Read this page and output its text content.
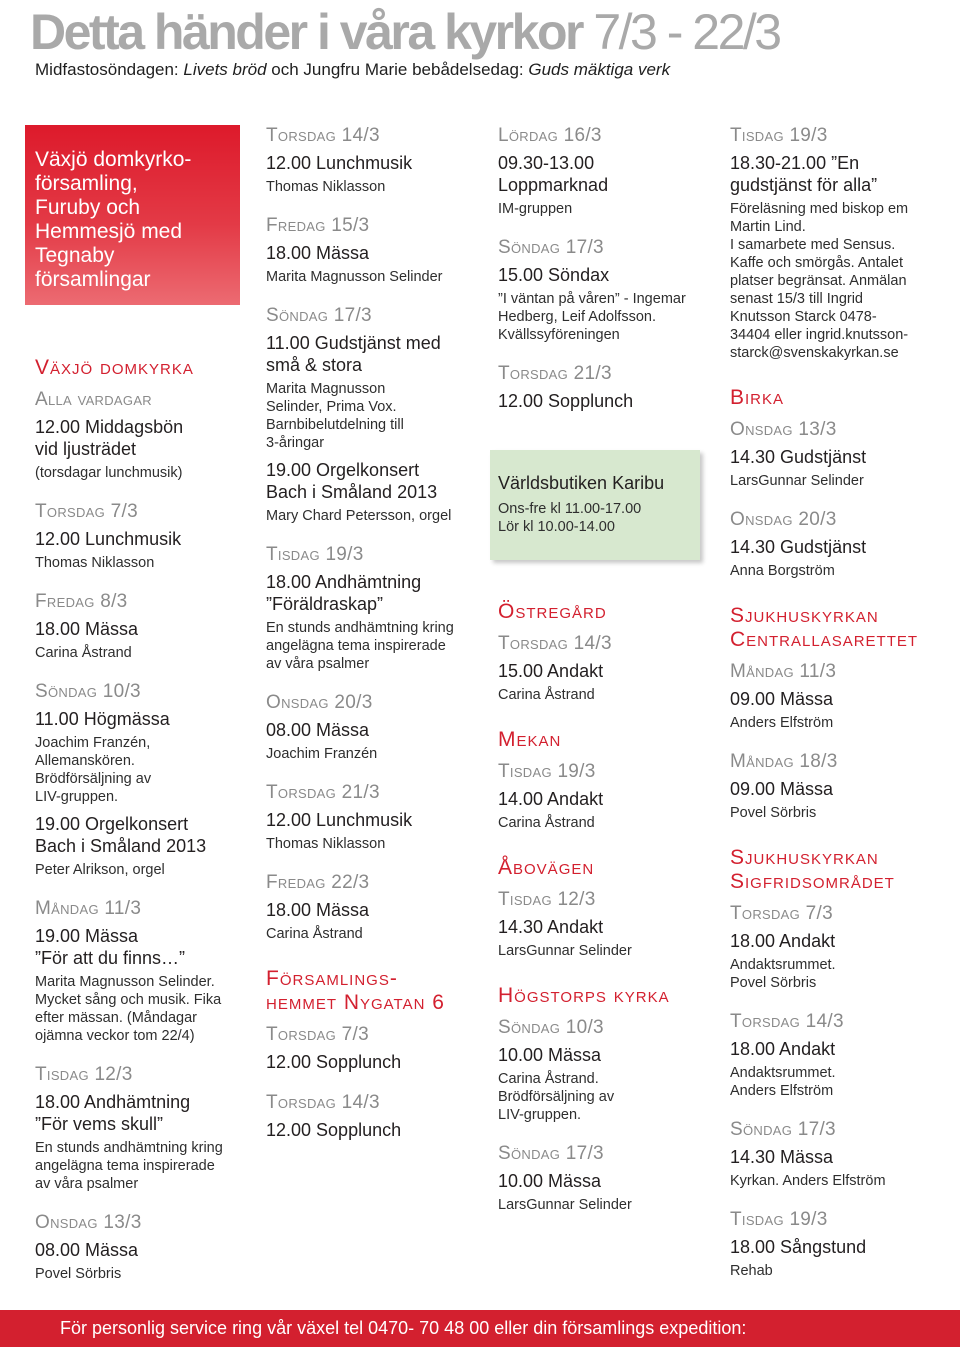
Detta händer i våra kyrkor 7/3 - 22/3
Midfastosöndagen: Livets bröd och Jungfru Marie bebådelsedag: Guds mäktiga verk
Växjö domkyrko-
församling,
Furuby och
Hemmesjö med
Tegnaby
församlingar
Växjö domkyrka
Alla vardagar
12.00 Middagsbön
vid ljusträdet
(torsdagar lunchmusik)
Torsdag 7/3
12.00 Lunchmusik
Thomas Niklasson
Fredag 8/3
18.00 Mässa
Carina Åstrand
Söndag 10/3
11.00 Högmässa
Joachim Franzén,
Allemanskören.
Brödförsäljning av
LIV-gruppen.
19.00 Orgelkonsert
Bach i Småland 2013
Peter Alrikson, orgel
Måndag 11/3
19.00 Mässa
”För att du finns…”
Marita Magnusson Selinder.
Mycket sång och musik. Fika
efter mässan. (Måndagar
ojämna veckor tom 22/4)
Tisdag 12/3
18.00 Andhämtning
”För vems skull”
En stunds andhämtning kring
angelägna tema inspirerade
av våra psalmer
Onsdag 13/3
08.00 Mässa
Povel Sörbris
Torsdag 14/3
12.00 Lunchmusik
Thomas Niklasson
Fredag 15/3
18.00 Mässa
Marita Magnusson Selinder
Söndag 17/3
11.00 Gudstjänst med
små & stora
Marita Magnusson
Selinder, Prima Vox.
Barnbibelutdelning till
3-åringar
19.00 Orgelkonsert
Bach i Småland 2013
Mary Chard Petersson, orgel
Tisdag 19/3
18.00 Andhämtning
”Föräldraskap”
En stunds andhämtning kring
angelägna tema inspirerade
av våra psalmer
Onsdag 20/3
08.00 Mässa
Joachim Franzén
Torsdag 21/3
12.00 Lunchmusik
Thomas Niklasson
Fredag 22/3
18.00 Mässa
Carina Åstrand
Församlings-
hemmet Nygatan 6
Torsdag 7/3
12.00 Sopplunch
Torsdag 14/3
12.00 Sopplunch
Lördag 16/3
09.30-13.00
Loppmarknad
IM-gruppen
Söndag 17/3
15.00 Söndax
”I väntan på våren” - Ingemar
Hedberg, Leif Adolfsson.
Kvällssyföreningen
Torsdag 21/3
12.00 Sopplunch
Världsbutiken Karibu
Ons-fre kl 11.00-17.00
Lör kl 10.00-14.00
Östregård
Torsdag 14/3
15.00 Andakt
Carina Åstrand
Mekan
Tisdag 19/3
14.00 Andakt
Carina Åstrand
Åbovägen
Tisdag 12/3
14.30 Andakt
LarsGunnar Selinder
Högstorps kyrka
Söndag 10/3
10.00 Mässa
Carina Åstrand.
Brödförsäljning av
LIV-gruppen.
Söndag 17/3
10.00 Mässa
LarsGunnar Selinder
Tisdag 19/3
18.30-21.00 ”En
gudstjänst för alla”
Föreläsning med biskop em
Martin Lind.
I samarbete med Sensus.
Kaffe och smörgås. Antalet
platser begränsat. Anmälan
senast 15/3 till Ingrid
Knutsson Starck 0478-
34404 eller ingrid.knutsson-
starck@svenskakyrkan.se
Birka
Onsdag 13/3
14.30 Gudstjänst
LarsGunnar Selinder
Onsdag 20/3
14.30 Gudstjänst
Anna Borgström
Sjukhuskyrkan
Centrallasarettet
Måndag 11/3
09.00 Mässa
Anders Elfström
Måndag 18/3
09.00 Mässa
Povel Sörbris
Sjukhuskyrkan
Sigfridsområdet
Torsdag 7/3
18.00 Andakt
Andaktsrummet.
Povel Sörbris
Torsdag 14/3
18.00 Andakt
Andaktsrummet.
Anders Elfström
Söndag 17/3
14.30 Mässa
Kyrkan. Anders Elfström
Tisdag 19/3
18.00 Sångstund
Rehab
För personlig service ring vår växel tel 0470- 70 48 00 eller din församlings expedition:
